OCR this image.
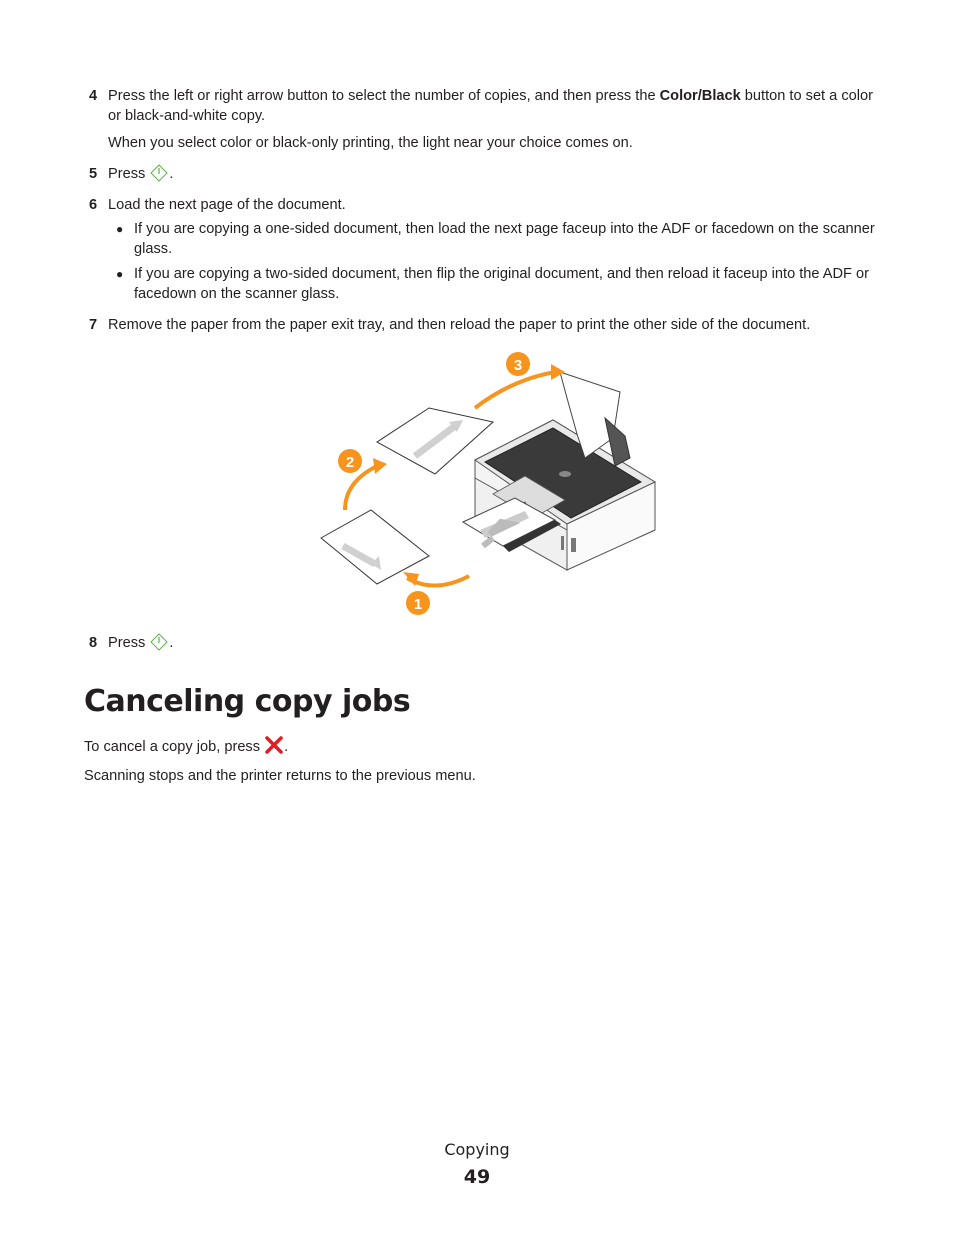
4 Press the left or right arrow button to select the number of copies, and then press the Color/Black button to set a color or black-and-white copy.
When you select color or black-only printing, the light near your choice comes on.
5 Press .
6 Load the next page of the document.
● If you are copying a one-sided document, then load the next page faceup into the ADF or facedown on the scanner glass.
● If you are copying a two-sided document, then flip the original document, and then reload it faceup into the ADF or facedown on the scanner glass.
7 Remove the paper from the paper exit tray, and then reload the paper to print the other side of the document.
1
2
3
8 Press .
Canceling copy jobs
To cancel a copy job, press .
Scanning stops and the printer returns to the previous menu.
Copying
49
